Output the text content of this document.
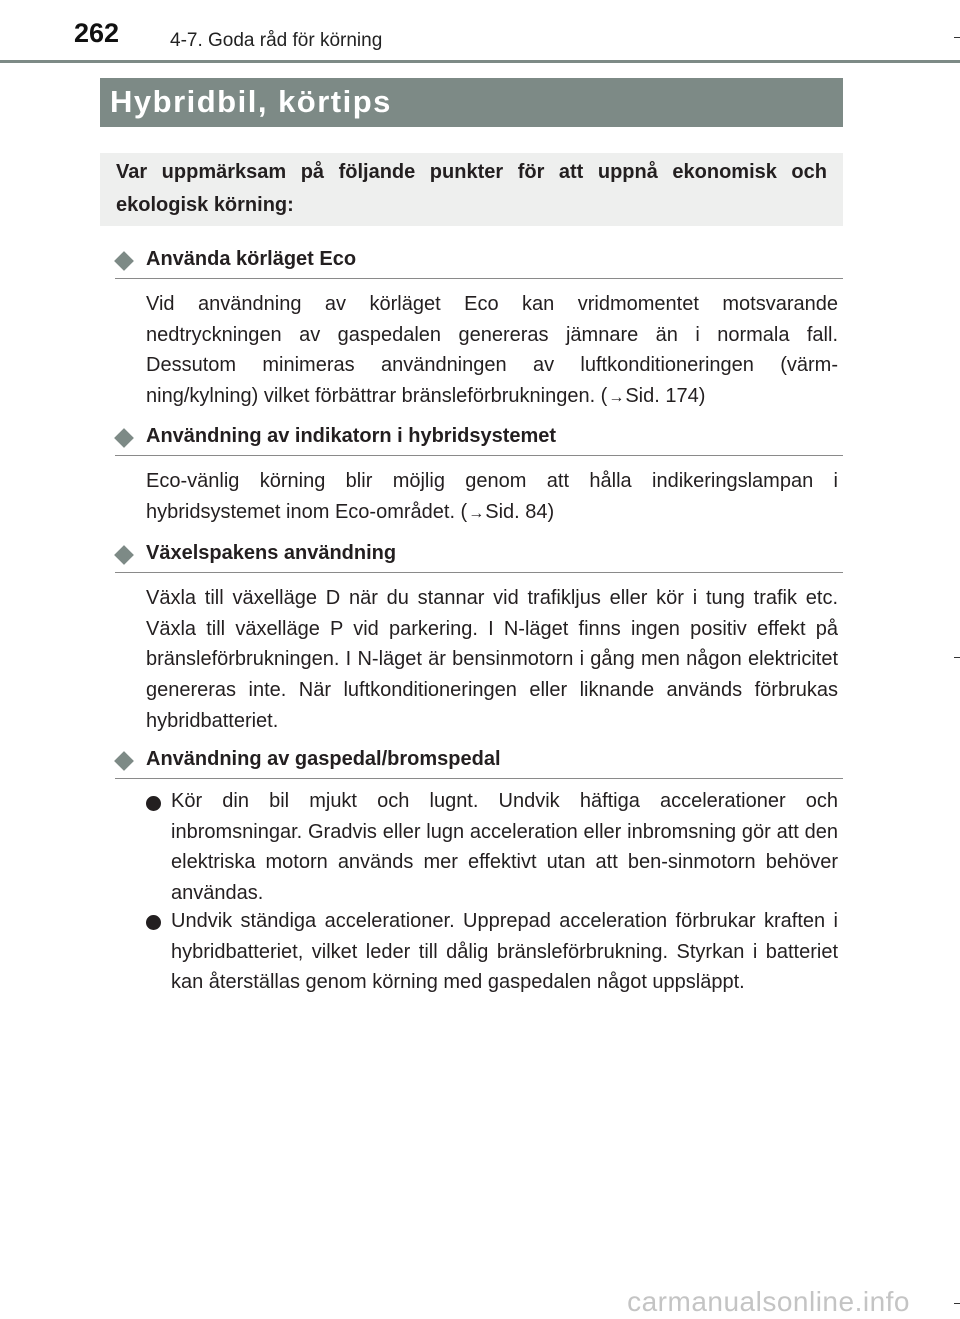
262	4-7. Goda råd för körning
Hybridbil, körtips
Var uppmärksam på följande punkter för att uppnå ekonomisk och ekologisk körning:
Använda körläget Eco
Vid användning av körläget Eco kan vridmomentet motsvarande nedtryckningen av gaspedalen genereras jämnare än i normala fall. Dessutom minimeras användningen av luftkonditioneringen (värm-ning/kylning) vilket förbättrar bränsleförbrukningen. (→Sid. 174)
Användning av indikatorn i hybridsystemet
Eco-vänlig körning blir möjlig genom att hålla indikeringslampan i hybridsystemet inom Eco-området. (→Sid. 84)
Växelspakens användning
Växla till växelläge D när du stannar vid trafikljus eller kör i tung trafik etc. Växla till växelläge P vid parkering. I N-läget finns ingen positiv effekt på bränsleförbrukningen. I N-läget är bensinmotorn i gång men någon elektricitet genereras inte. När luftkonditioneringen eller liknande används förbrukas hybridbatteriet.
Användning av gaspedal/bromspedal
Kör din bil mjukt och lugnt. Undvik häftiga accelerationer och inbromsningar. Gradvis eller lugn acceleration eller inbromsning gör att den elektriska motorn används mer effektivt utan att ben-sinmotorn behöver användas.
Undvik ständiga accelerationer. Upprepad acceleration förbrukar kraften i hybridbatteriet, vilket leder till dålig bränsleförbrukning. Styrkan i batteriet kan återställas genom körning med gaspedalen något uppsläppt.
carmanualsonline.info
